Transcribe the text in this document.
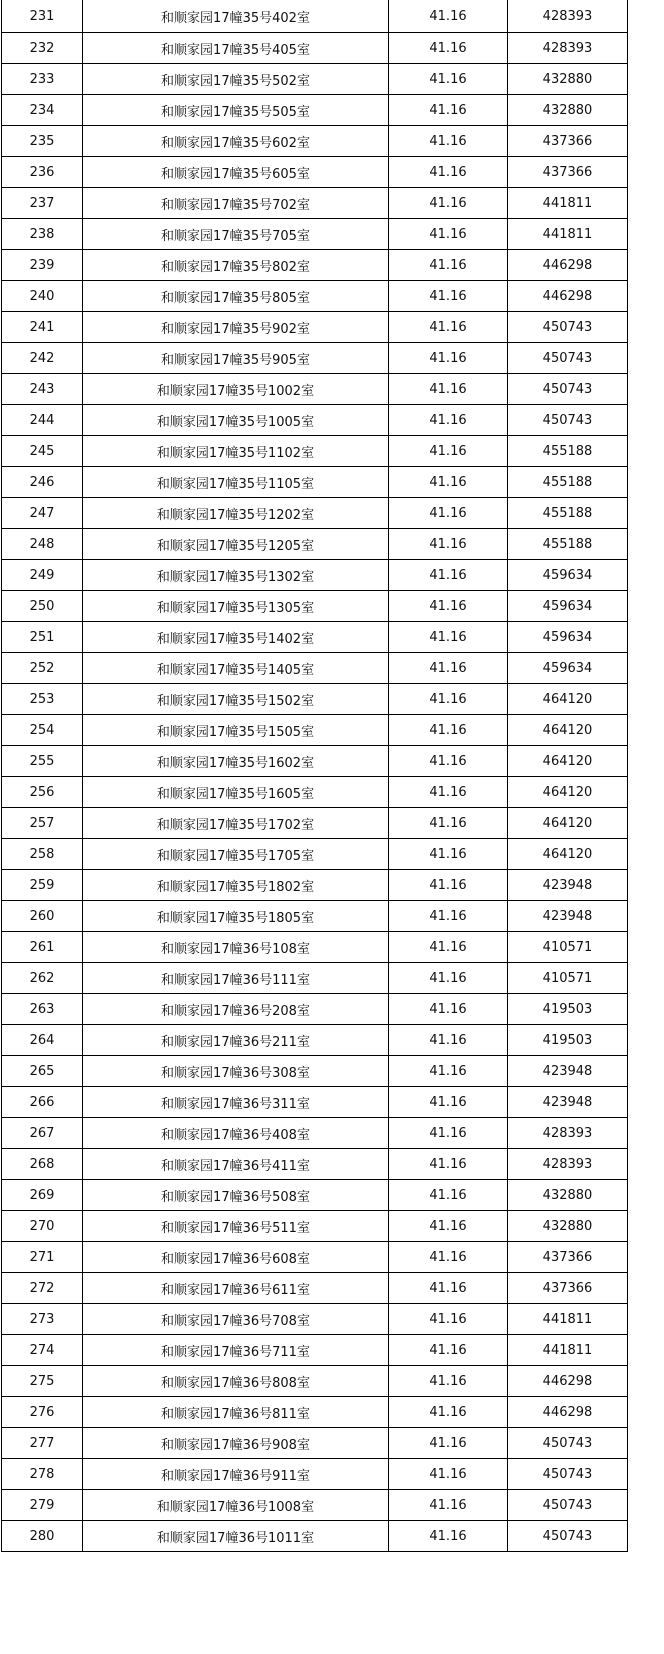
231	和顺家园17幢35号402室	41.16	428393
232	和顺家园17幢35号405室	41.16	428393
233	和顺家园17幢35号502室	41.16	432880
234	和顺家园17幢35号505室	41.16	432880
235	和顺家园17幢35号602室	41.16	437366
236	和顺家园17幢35号605室	41.16	437366
237	和顺家园17幢35号702室	41.16	441811
238	和顺家园17幢35号705室	41.16	441811
239	和顺家园17幢35号802室	41.16	446298
240	和顺家园17幢35号805室	41.16	446298
241	和顺家园17幢35号902室	41.16	450743
242	和顺家园17幢35号905室	41.16	450743
243	和顺家园17幢35号1002室	41.16	450743
244	和顺家园17幢35号1005室	41.16	450743
245	和顺家园17幢35号1102室	41.16	455188
246	和顺家园17幢35号1105室	41.16	455188
247	和顺家园17幢35号1202室	41.16	455188
248	和顺家园17幢35号1205室	41.16	455188
249	和顺家园17幢35号1302室	41.16	459634
250	和顺家园17幢35号1305室	41.16	459634
251	和顺家园17幢35号1402室	41.16	459634
252	和顺家园17幢35号1405室	41.16	459634
253	和顺家园17幢35号1502室	41.16	464120
254	和顺家园17幢35号1505室	41.16	464120
255	和顺家园17幢35号1602室	41.16	464120
256	和顺家园17幢35号1605室	41.16	464120
257	和顺家园17幢35号1702室	41.16	464120
258	和顺家园17幢35号1705室	41.16	464120
259	和顺家园17幢35号1802室	41.16	423948
260	和顺家园17幢35号1805室	41.16	423948
261	和顺家园17幢36号108室	41.16	410571
262	和顺家园17幢36号111室	41.16	410571
263	和顺家园17幢36号208室	41.16	419503
264	和顺家园17幢36号211室	41.16	419503
265	和顺家园17幢36号308室	41.16	423948
266	和顺家园17幢36号311室	41.16	423948
267	和顺家园17幢36号408室	41.16	428393
268	和顺家园17幢36号411室	41.16	428393
269	和顺家园17幢36号508室	41.16	432880
270	和顺家园17幢36号511室	41.16	432880
271	和顺家园17幢36号608室	41.16	437366
272	和顺家园17幢36号611室	41.16	437366
273	和顺家园17幢36号708室	41.16	441811
274	和顺家园17幢36号711室	41.16	441811
275	和顺家园17幢36号808室	41.16	446298
276	和顺家园17幢36号811室	41.16	446298
277	和顺家园17幢36号908室	41.16	450743
278	和顺家园17幢36号911室	41.16	450743
279	和顺家园17幢36号1008室	41.16	450743
280	和顺家园17幢36号1011室	41.16	450743
